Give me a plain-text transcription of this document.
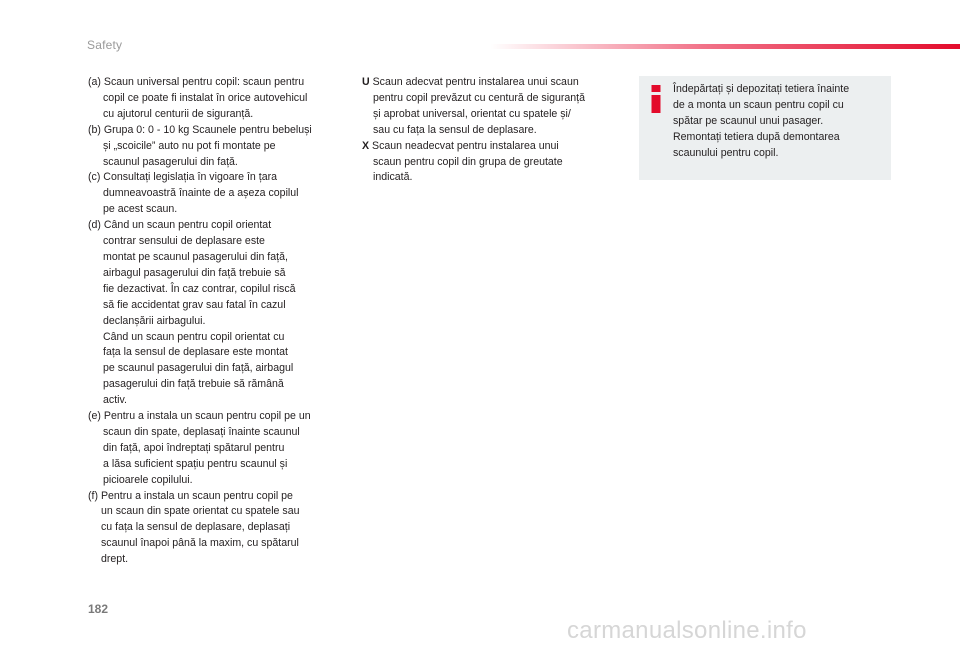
Safety

(a) Scaun universal pentru copil: scaun pentru
copil ce poate fi instalat în orice autovehicul
cu ajutorul centurii de siguranță.

(b) Grupa 0: 0 - 10 kg Scaunele pentru bebeluși
și „scoicile” auto nu pot fi montate pe
scaunul pasagerului din față.

(c) Consultați legislația în vigoare în țara
dumneavoastră înainte de a așeza copilul
pe acest scaun.

(d) Când un scaun pentru copil orientat
contrar sensului de deplasare este
montat pe scaunul pasagerului din față,
airbagul pasagerului din față trebuie să
fie dezactivat. În caz contrar, copilul riscă
să fie accidentat grav sau fatal în cazul
declanșării airbagului.
Când un scaun pentru copil orientat cu
fața la sensul de deplasare este montat
pe scaunul pasagerului din față, airbagul
pasagerului din față trebuie să rămână
activ.

(e) Pentru a instala un scaun pentru copil pe un
scaun din spate, deplasați înainte scaunul
din față, apoi îndreptați spătarul pentru
a lăsa suficient spațiu pentru scaunul și
picioarele copilului.

(f) Pentru a instala un scaun pentru copil pe
un scaun din spate orientat cu spatele sau
cu fața la sensul de deplasare, deplasați
scaunul înapoi până la maxim, cu spătarul
drept.

U Scaun adecvat pentru instalarea unui scaun
pentru copil prevăzut cu centură de siguranță
și aprobat universal, orientat cu spatele și/
sau cu fața la sensul de deplasare.

X Scaun neadecvat pentru instalarea unui
scaun pentru copil din grupa de greutate
indicată.

Îndepărtați și depozitați tetiera înainte
de a monta un scaun pentru copil cu
spătar pe scaunul unui pasager.
Remontați tetiera după demontarea
scaunului pentru copil.
182
carmanualsonline.info
